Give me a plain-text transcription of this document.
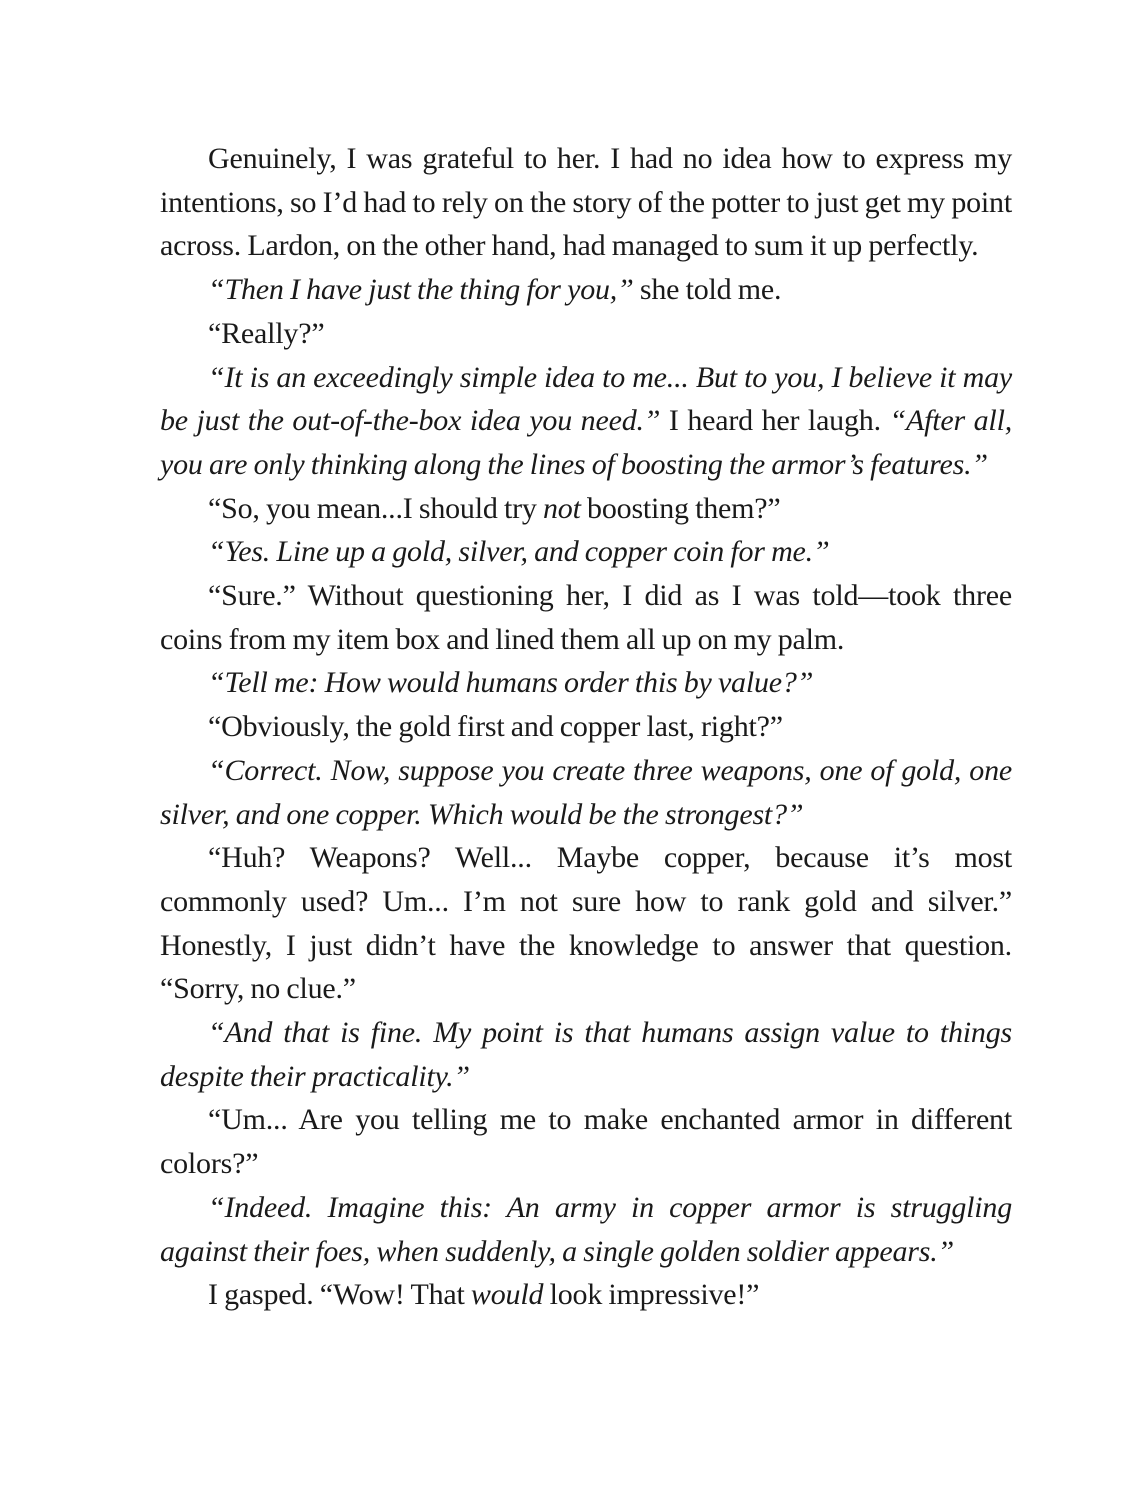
Genuinely, I was grateful to her. I had no idea how to express my intentions, so I’d had to rely on the story of the potter to just get my point across. Lardon, on the other hand, had managed to sum it up perfectly.

“Then I have just the thing for you,” she told me.

“Really?”

“It is an exceedingly simple idea to me... But to you, I believe it may be just the out-of-the-box idea you need.” I heard her laugh. “After all, you are only thinking along the lines of boosting the armor’s features.”

“So, you mean...I should try not boosting them?”

“Yes. Line up a gold, silver, and copper coin for me.”

“Sure.” Without questioning her, I did as I was told—took three coins from my item box and lined them all up on my palm.

“Tell me: How would humans order this by value?”

“Obviously, the gold first and copper last, right?”

“Correct. Now, suppose you create three weapons, one of gold, one silver, and one copper. Which would be the strongest?”

“Huh? Weapons? Well... Maybe copper, because it’s most commonly used? Um... I’m not sure how to rank gold and silver.” Honestly, I just didn’t have the knowledge to answer that question. “Sorry, no clue.”

“And that is fine. My point is that humans assign value to things despite their practicality.”

“Um... Are you telling me to make enchanted armor in different colors?”

“Indeed. Imagine this: An army in copper armor is struggling against their foes, when suddenly, a single golden soldier appears.”

I gasped. “Wow! That would look impressive!”
